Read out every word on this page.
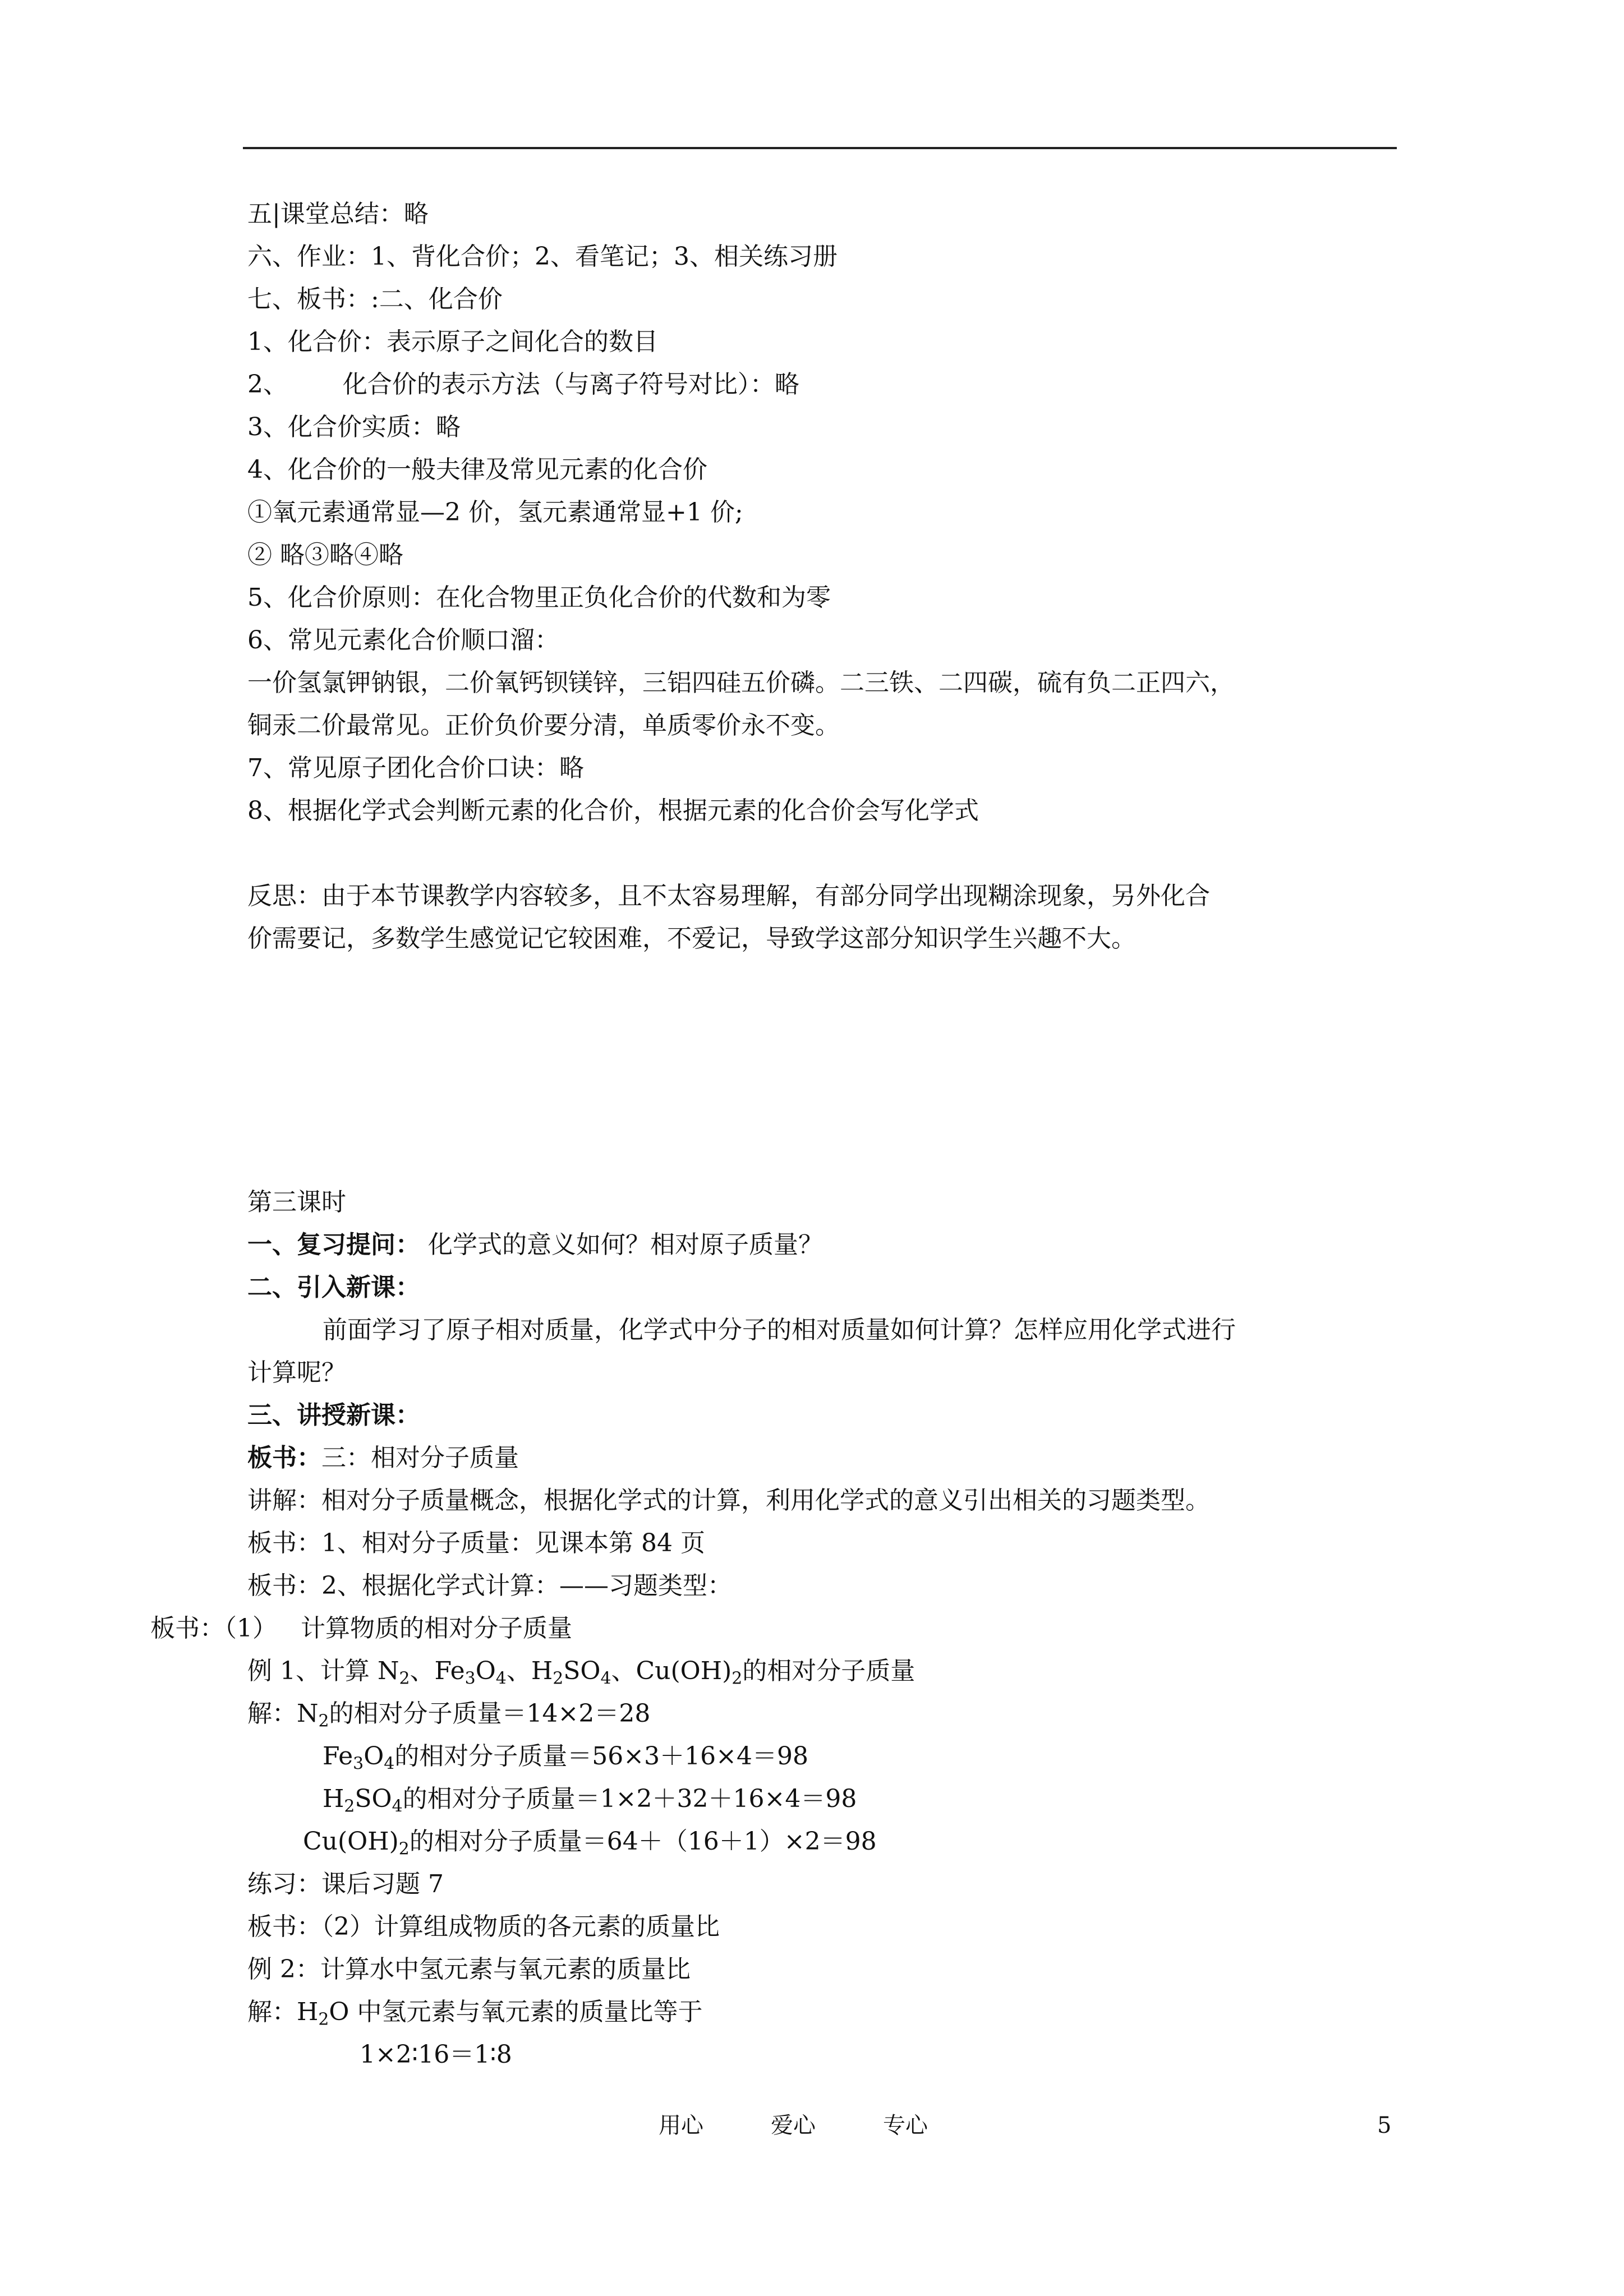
五|课堂总结：略
六、作业：1、背化合价；2、看笔记；3、相关练习册
七、板书：:二、化合价
1、化合价：表示原子之间化合的数目
2、       化合价的表示方法（与离子符号对比）：略
3、化合价实质：略
4、化合价的一般夫律及常见元素的化合价
①氧元素通常显—2 价，氢元素通常显+1 价;
② 略③略④略
5、化合价原则：在化合物里正负化合价的代数和为零
6、常见元素化合价顺口溜：
一价氢氯钾钠银，二价氧钙钡镁锌，三铝四硅五价磷。二三铁、二四碳，硫有负二正四六，
铜汞二价最常见。正价负价要分清，单质零价永不变。
7、常见原子团化合价口诀：略
8、根据化学式会判断元素的化合价，根据元素的化合价会写化学式
反思：由于本节课教学内容较多，且不太容易理解，有部分同学出现糊涂现象，另外化合
价需要记，多数学生感觉记它较困难，不爱记，导致学这部分知识学生兴趣不大。
第三课时
一、复习提问： 化学式的意义如何？相对原子质量？
二、引入新课：
前面学习了原子相对质量，化学式中分子的相对质量如何计算？怎样应用化学式进行
计算呢？
三、讲授新课：
板书：三：相对分子质量
讲解：相对分子质量概念，根据化学式的计算，利用化学式的意义引出相关的习题类型。
板书：1、相对分子质量：见课本第 84 页
板书：2、根据化学式计算：——习题类型：
板书：（1）   计算物质的相对分子质量
例 1、计算 $N_2$、$Fe_3O_4$、$H_2SO_4$、$Cu(OH)_2$的相对分子质量
解：$N_2$的相对分子质量＝14×2＝28
$Fe_3O_4$的相对分子质量＝56×3＋16×4＝98
$H_2SO_4$的相对分子质量＝1×2＋32＋16×4＝98
$Cu(OH)_2$的相对分子质量＝64＋（16＋1）×2＝98
练习：课后习题 7
板书：（2）计算组成物质的各元素的质量比
例 2：计算水中氢元素与氧元素的质量比
解：$H_2O$ 中氢元素与氧元素的质量比等于
1×2∶16＝1∶8
用心	爱心	专心	5
